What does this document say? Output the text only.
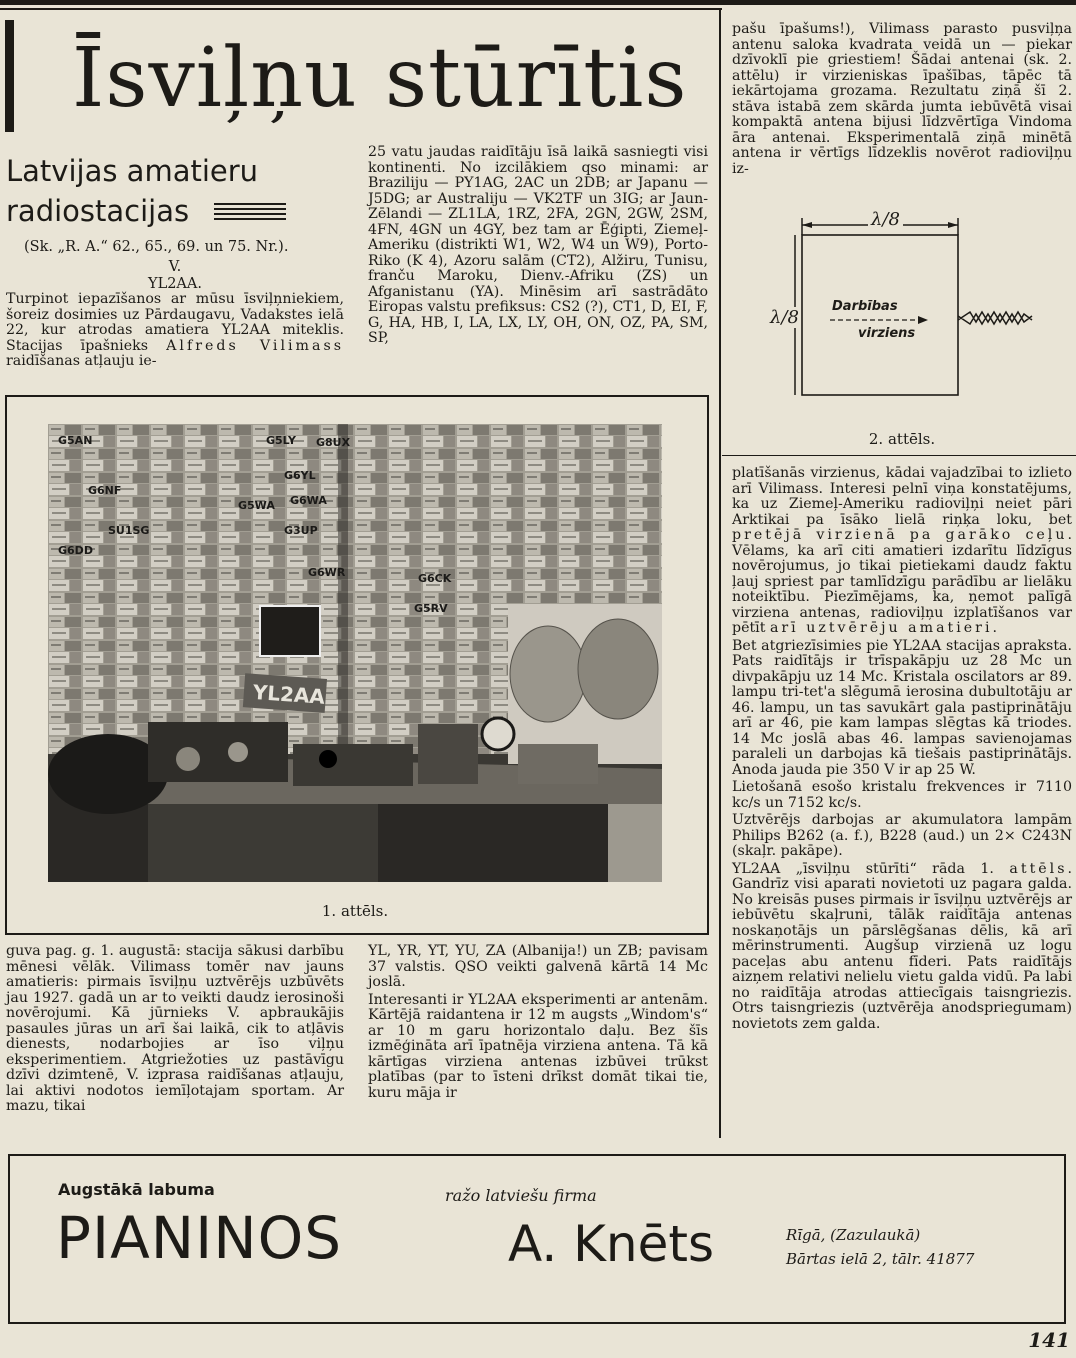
Īsviļņu stūrītis
Latvijas amatieru
radiostacijas
(Sk. „R. A.“ 62., 65., 69. un 75. Nr.).
V.
YL2AA.
Turpinot iepazīšanos ar mūsu īsviļņniekiem, šoreiz dosimies uz Pārdaugavu, Vadakstes ielā 22, kur atrodas amatiera YL2AA miteklis. Stacijas īpašnieks Alfreds Vilimass raidīšanas atļauju ie-
25 vatu jaudas raidītāju īsā laikā sasniegti visi kontinenti. No izcilākiem qso minami: ar Braziliju — PY1AG, 2AC un 2DB; ar Japanu — J5DG; ar Australiju — VK2TF un 3IG; ar Jaun-Zēlandi — ZL1LA, 1RZ, 2FA, 2GN, 2GW, 2SM, 4FN, 4GN un 4GY, bez tam ar Ēģipti, Ziemeļ-Ameriku (distrikti W1, W2, W4 un W9), Porto-Riko (K 4), Azoru salām (CT2), Alžiru, Tunisu, franču Maroku, Dienv.-Afriku (ZS) un Afganistanu (YA). Minēsim arī sastrādāto Eiropas valstu prefiksus: CS2 (?), CT1, D, EI, F, G, HA, HB, I, LA, LX, LY, OH, ON, OZ, PA, SM, SP,
pašu īpašums!), Vilimass parasto pusviļņa antenu saloka kvadrata veidā un — piekar dzīvoklī pie griestiem! Šādai antenai (sk. 2. attēlu) ir virzieniskas īpašības, tāpēc tā iekārtojama grozama. Rezultatu ziņā šī 2. stāva istabā zem skārda jumta iebūvētā visai kompaktā antena bijusi līdzvērtīga Vindoma āra antenai. Eksperimentalā ziņā minētā antena ir vērtīgs līdzeklis novērot radioviļņu iz-
λ/8
λ/8
Darbības
virziens
2. attēls.
YL2AA
G5LY G8UX
G6YL
G6WA
G5WA
G3UP
G6WR	G6CK
G5RV
G5AN
G6NF
G6DD
SU1SG
1. attēls.

platīšanās virzienus, kādai vajadzībai to izlieto arī Vilimass. Interesi pelnī viņa konstatējums, ka uz Ziemeļ-Ameriku radioviļņi neiet pāri Arktikai pa īsāko lielā riņķa loku, bet pretējā virzienā pa garāko ceļu. Vēlams, ka arī citi amatieri izdarītu līdzīgus novērojumus, jo tikai pietiekami daudz faktu ļauj spriest par tamlīdzīgu parādību ar lielāku noteiktību. Piezīmējams, ka, ņemot palīgā virziena antenas, radioviļņu izplatīšanos var pētīt arī uztvērēju amatieri.

Bet atgriezīsimies pie YL2AA stacijas apraksta. Pats raidītājs ir trīspakāpju uz 28 Mc un divpakāpju uz 14 Mc. Kristala oscilators ar 89. lampu tri-tet'a slēgumā ierosina dubultotāju ar 46. lampu, un tas savukārt gala pastiprinātāju arī ar 46, pie kam lampas slēgtas kā triodes. 14 Mc joslā abas 46. lampas savienojamas paraleli un darbojas kā tiešais pastiprinātājs. Anoda jauda pie 350 V ir ap 25 W.

Lietošanā esošo kristalu frekvences ir 7110 kc/s un 7152 kc/s.

Uztvērējs darbojas ar akumulatora lampām Philips B262 (a. f.), B228 (aud.) un 2× C243N (skaļr. pakāpe).

YL2AA „īsviļņu stūrīti“ rāda 1. attēls. Gandrīz visi aparati novietoti uz pagara galda. No kreisās puses pirmais ir īsviļņu uztvērējs ar iebūvētu skaļruni, tālāk raidītāja antenas noskaņotājs un pārslēgšanas dēlis, kā arī mērinstrumenti. Augšup virzienā uz logu paceļas abu antenu fīderi. Pats raidītājs aizņem relativi nelielu vietu galda vidū. Pa labi no raidītāja atrodas attiecīgais taisngriezis. Otrs taisngriezis (uztvērēja anodspriegumam) novietots zem galda.

guva pag. g. 1. augustā: stacija sākusi darbību mēnesi vēlāk. Vilimass tomēr nav jauns amatieris: pirmais īsviļņu uztvērējs uzbūvēts jau 1927. gadā un ar to veikti daudz ierosinoši novērojumi. Kā jūrnieks V. apbraukājis pasaules jūras un arī šai laikā, cik to atļāvis dienests, nodarbojies ar īso viļņu eksperimentiem. Atgriežoties uz pastāvīgu dzīvi dzimtenē, V. izprasa raidīšanas atļauju, lai aktivi nodotos iemīļotajam sportam. Ar mazu, tikai

YL, YR, YT, YU, ZA (Albanija!) un ZB; pavisam 37 valstis. QSO veikti galvenā kārtā 14 Mc joslā.

Interesanti ir YL2AA eksperimenti ar antenām. Kārtējā raidantena ir 12 m augsts „Windom's“ ar 10 m garu horizontalo daļu. Bez šīs izmēģināta arī īpatnēja virziena antena. Tā kā kārtīgas virziena antenas izbūvei trūkst platības (par to īsteni drīkst domāt tikai tie, kuru māja ir

Augstākā labuma
PIANINOS
ražo latviešu firma
A. Knēts	Rīgā, (Zazulaukā)
Bārtas ielā 2, tālr. 41877
141
